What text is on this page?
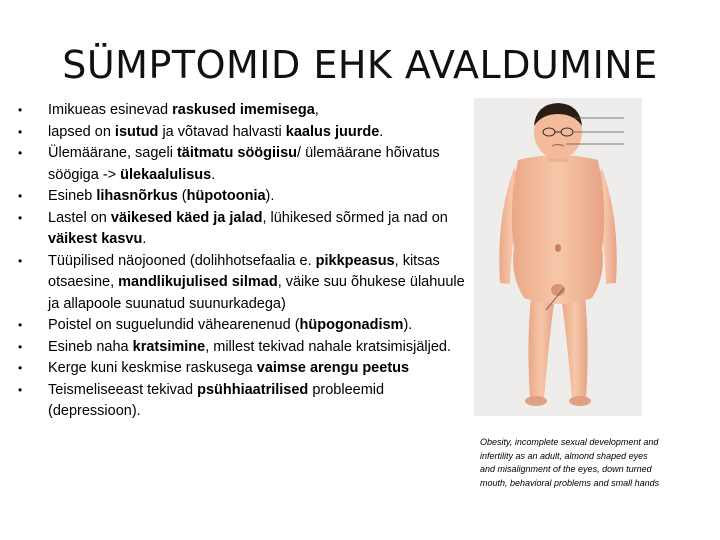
SÜMPTOMID EHK AVALDUMINE
• Imikueas esinevad raskused imemisega,
• lapsed on isutud ja võtavad halvasti kaalus juurde.
• Ülemäärane, sageli täitmatu söögiisu/ ülemäärane hõivatus söögiga -> ülekaalulisus.
• Esineb lihasnõrkus (hüpotoonia).
• Lastel on väikesed käed ja jalad, lühikesed sõrmed ja nad on väikest kasvu.
• Tüüpilised näojooned (dolihhotsefaalia e. pikkpeasus, kitsas otsaesine, mandlikujulised silmad, väike suu õhukese ülahuule ja allapoole suunatud suunurkadega)
• Poistel on suguelundid vähearenenud (hüpogonadism).
• Esineb naha kratsimine, millest tekivad nahale kratsimisjäljed.
• Kerge kuni keskmise raskusega vaimse arengu peetus
• Teismeliseeast tekivad psühhiaatrilised probleemid (depressioon).
Obesity, incomplete sexual development and infertility as an adult, almond shaped eyes and misalignment of the eyes, down turned mouth, behavioral problems and small hands
